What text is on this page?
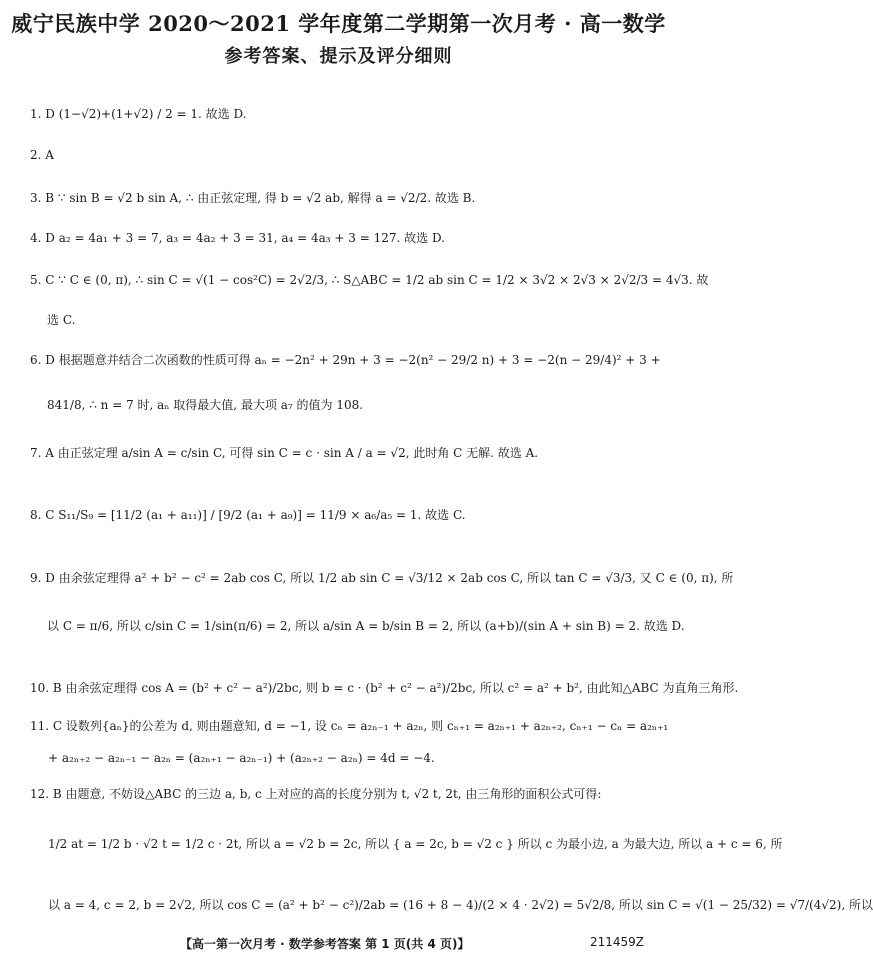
威宁民族中学 2020～2021 学年度第二学期第一次月考 · 高一数学
参考答案、提示及评分细则
1. D (1−√2)+(1+√2) / 2 = 1. 故选 D.
2. A
3. B ∵ sin B = √2 b sin A, ∴ 由正弦定理, 得 b = √2 ab, 解得 a = √2/2. 故选 B.
4. D a₂ = 4a₁ + 3 = 7, a₃ = 4a₂ + 3 = 31, a₄ = 4a₃ + 3 = 127. 故选 D.
5. C ∵ C ∈ (0, π), ∴ sin C = √(1 − cos²C) = 2√2/3, ∴ S△ABC = 1/2 ab sin C = 1/2 × 3√2 × 2√3 × 2√2/3 = 4√3. 故
选 C.
6. D 根据题意并结合二次函数的性质可得 aₙ = −2n² + 29n + 3 = −2(n² − 29/2 n) + 3 = −2(n − 29/4)² + 3 +
841/8, ∴ n = 7 时, aₙ 取得最大值, 最大项 a₇ 的值为 108.
7. A 由正弦定理 a/sin A = c/sin C, 可得 sin C = c · sin A / a = √2, 此时角 C 无解. 故选 A.
8. C S₁₁/S₉ = [11/2 (a₁ + a₁₁)] / [9/2 (a₁ + a₉)] = 11/9 × a₆/a₅ = 1. 故选 C.
9. D 由余弦定理得 a² + b² − c² = 2ab cos C, 所以 1/2 ab sin C = √3/12 × 2ab cos C, 所以 tan C = √3/3, 又 C ∈ (0, π), 所
以 C = π/6, 所以 c/sin C = 1/sin(π/6) = 2, 所以 a/sin A = b/sin B = 2, 所以 (a+b)/(sin A + sin B) = 2. 故选 D.
10. B 由余弦定理得 cos A = (b² + c² − a²)/2bc, 则 b = c · (b² + c² − a²)/2bc, 所以 c² = a² + b², 由此知△ABC 为直角三角形.
11. C 设数列{aₙ}的公差为 d, 则由题意知, d = −1, 设 cₙ = a₂ₙ₋₁ + a₂ₙ, 则 cₙ₊₁ = a₂ₙ₊₁ + a₂ₙ₊₂, cₙ₊₁ − cₙ = a₂ₙ₊₁
+ a₂ₙ₊₂ − a₂ₙ₋₁ − a₂ₙ = (a₂ₙ₊₁ − a₂ₙ₋₁) + (a₂ₙ₊₂ − a₂ₙ) = 4d = −4.
12. B 由题意, 不妨设△ABC 的三边 a, b, c 上对应的高的长度分别为 t, √2 t, 2t, 由三角形的面积公式可得:
1/2 at = 1/2 b · √2 t = 1/2 c · 2t, 所以 a = √2 b = 2c, 所以 { a = 2c, b = √2 c } 所以 c 为最小边, a 为最大边, 所以 a + c = 6, 所
以 a = 4, c = 2, b = 2√2, 所以 cos C = (a² + b² − c²)/2ab = (16 + 8 − 4)/(2 × 4 · 2√2) = 5√2/8, 所以 sin C = √(1 − 25/32) = √7/(4√2), 所以
【高一第一次月考 · 数学参考答案 第 1 页(共 4 页)】	211459Z
